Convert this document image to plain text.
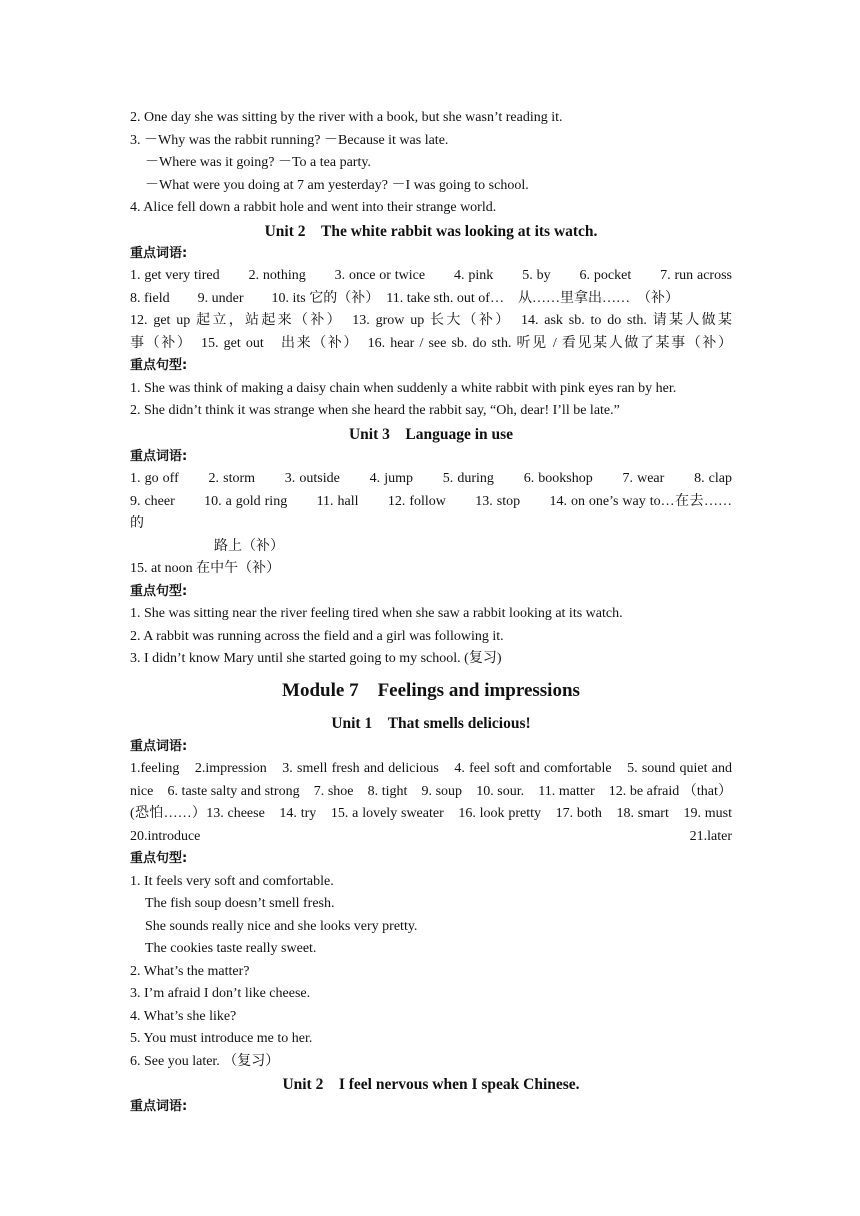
2. One day she was sitting by the river with a book, but she wasn’t reading it.
3. －Why was the rabbit running? －Because it was late.
－Where was it going? －To a tea party.
－What were you doing at 7 am yesterday? －I was going to school.
4. Alice fell down a rabbit hole and went into their strange world.
Unit 2　The white rabbit was looking at its watch.
重点词语:
1. get very tired　　2. nothing　　3. once or twice　　4. pink　　5. by　　6. pocket　　7. run across
8. field　　9. under　　10. its 它的（补）　11. take sth. out of…　从……里拿出……　（补）
12. get up 起立，站起来（补）　13. grow up 长大（补）　14. ask sb. to do sth. 请某人做某
事（补）　15. get out　出来（补）　16. hear / see sb. do sth. 听见 / 看见某人做了某事（补）
重点句型:
1. She was think of making a daisy chain when suddenly a white rabbit with pink eyes ran by her.
2. She didn’t think it was strange when she heard the rabbit say, “Oh, dear! I’ll be late.”
Unit 3　Language in use
重点词语:
1. go off　　2. storm　　3. outside　　4. jump　　5. during　　6. bookshop　　7. wear　　8. clap
9. cheer　　10. a gold ring　　11. hall　　12. follow　　13. stop　　14. on one’s way to…在去……的
路上（补）
15. at noon 在中午（补）
重点句型:
1. She was sitting near the river feeling tired when she saw a rabbit looking at its watch.
2. A rabbit was running across the field and a girl was following it.
3. I didn’t know Mary until she started going to my school. (复习)
Module 7　Feelings and impressions
Unit 1　That smells delicious!
重点词语:
1.feeling　2.impression　3. smell fresh and delicious　4. feel soft and comfortable　5. sound quiet and nice　6. taste salty and strong　7. shoe　8. tight　9. soup　10. sour.　11. matter　12. be afraid （that）(恐怕……）13. cheese　14. try　15. a lovely sweater　16. look pretty　17. both　18. smart　19. must　20.introduce　21.later
重点句型:
1. It feels very soft and comfortable.
The fish soup doesn’t smell fresh.
She sounds really nice and she looks very pretty.
The cookies taste really sweet.
2. What’s the matter?
3. I’m afraid I don’t like cheese.
4. What’s she like?
5. You must introduce me to her.
6. See you later. （复习）
Unit 2　I feel nervous when I speak Chinese.
重点词语:
